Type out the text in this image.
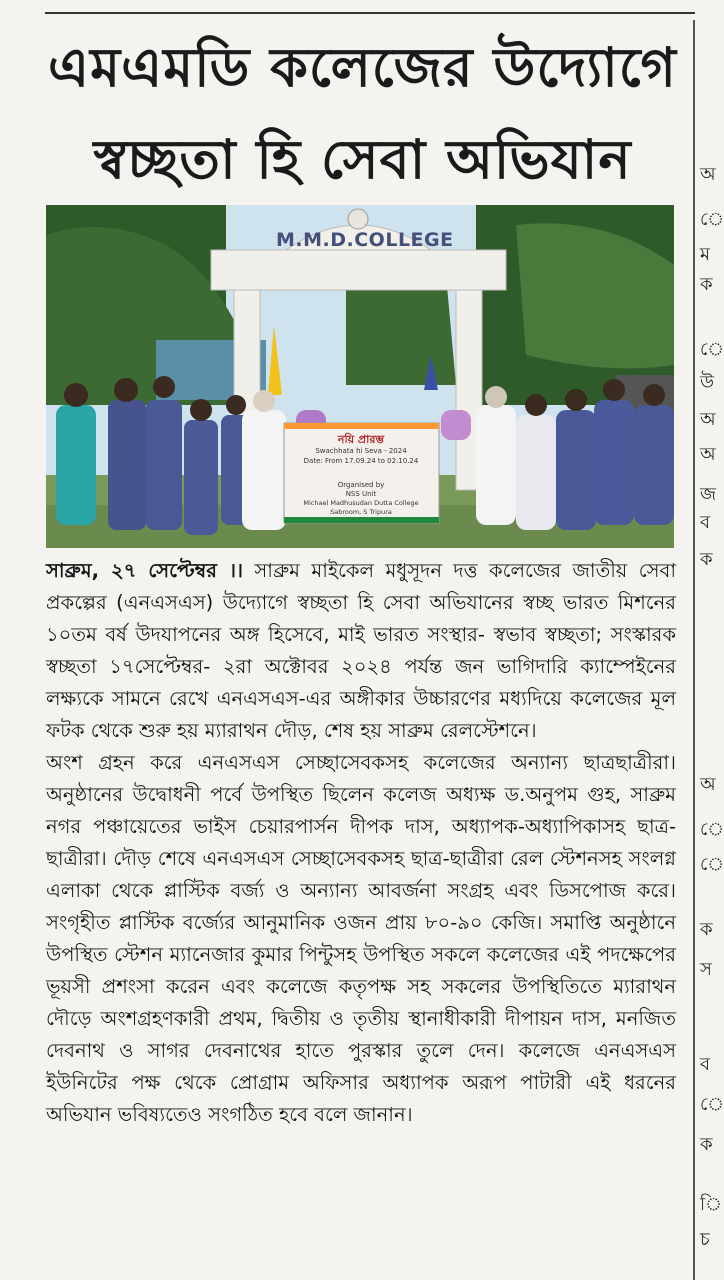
এমএমডি কলেজের উদ্যোগে
স্বচ্ছতা হি সেবা অভিযান
M.M.D.COLLEGE
নয়ি প্রারম্ভ
Swachhata hi Seva - 2024
Date: From 17.09.24 to 02.10.24
Organised by
NSS Unit
Michael Madhusudan Dutta College
Sabroom, S Tripura

সাব্রুম, ২৭ সেপ্টেম্বর ।। সাব্রুম মাইকেল মধুসূদন দত্ত কলেজের জাতীয় সেবা প্রকল্পের (এনএসএস) উদ্যোগে স্বচ্ছতা হি সেবা অভিযানের স্বচ্ছ ভারত মিশনের ১০তম বর্ষ উদযাপনের অঙ্গ হিসেবে, মাই ভারত সংস্থার- স্বভাব স্বচ্ছতা; সংস্কারক স্বচ্ছতা ১৭সেপ্টেম্বর- ২রা অক্টোবর ২০২৪ পর্যন্ত জন ভাগিদারি ক্যাম্পেইনের লক্ষ্যকে সামনে রেখে এনএসএস-এর অঙ্গীকার উচ্চারণের মধ্যদিয়ে কলেজের মূল ফটক থেকে শুরু হয় ম্যারাথন দৌড়, শেষ হয় সাব্রুম রেলস্টেশনে।

অংশ গ্রহন করে এনএসএস সেচ্ছাসেবকসহ কলেজের অন্যান্য ছাত্রছাত্রীরা। অনুষ্ঠানের উদ্বোধনী পর্বে উপস্থিত ছিলেন কলেজ অধ্যক্ষ ড.অনুপম গুহ, সাব্রুম নগর পঞ্চায়েতের ভাইস চেয়ারপার্সন দীপক দাস, অধ্যাপক-অধ্যাপিকাসহ ছাত্র-ছাত্রীরা। দৌড় শেষে এনএসএস সেচ্ছাসেবকসহ ছাত্র-ছাত্রীরা রেল স্টেশনসহ সংলগ্ন এলাকা থেকে প্লাস্টিক বর্জ্য ও অন্যান্য আবর্জনা সংগ্রহ এবং ডিসপোজ করে। সংগৃহীত প্লাস্টিক বর্জ্যের আনুমানিক ওজন প্রায় ৮০-৯০ কেজি। সমাপ্তি অনুষ্ঠানে উপস্থিত স্টেশন ম্যানেজার কুমার পিন্টুসহ উপস্থিত সকলে কলেজের এই পদক্ষেপের ভূয়সী প্রশংসা করেন এবং কলেজে কতৃপক্ষ সহ সকলের উপস্থিতিতে ম্যারাথন দৌড়ে অংশগ্রহণকারী প্রথম, দ্বিতীয় ও তৃতীয় স্থানাধীকারী দীপায়ন দাস, মনজিত দেবনাথ ও সাগর দেবনাথের হাতে পুরস্কার তুলে দেন। কলেজে এনএসএস ইউনিটের পক্ষ থেকে প্রোগ্রাম অফিসার অধ্যাপক অরূপ পাটারী এই ধরনের অভিযান ভবিষ্যতেও সংগঠিত হবে বলে জানান।

অ
ে
ম
ক
ে
উ
অ
অ
জ
ব
ক
অ
ে
ে
ক
স
ব
ে
ক
ি
চ
